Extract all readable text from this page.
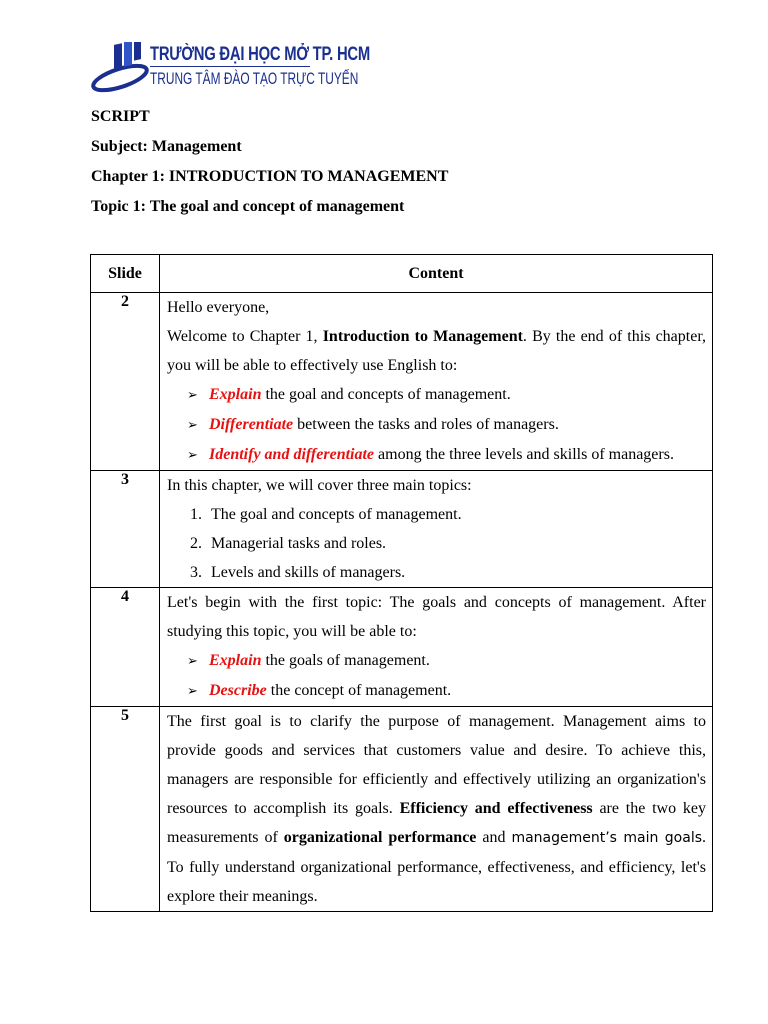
TRƯỜNG ĐẠI HỌC MỞ TP. HCM
TRUNG TÂM ĐÀO TẠO TRỰC TUYẾN
SCRIPT
Subject: Management
Chapter 1: INTRODUCTION TO MANAGEMENT
Topic 1: The goal and concept of management
Slide	Content
2	Hello everyone,

Welcome to Chapter 1, Introduction to Management. By the end of this chapter, you will be able to effectively use English to:

➢ Explain the goal and concepts of management.

➢ Differentiate between the tasks and roles of managers.

➢ Identify and differentiate among the three levels and skills of managers.

3	In this chapter, we will cover three main topics:

1. The goal and concepts of management.

2. Managerial tasks and roles.

3. Levels and skills of managers.

4	Let's begin with the first topic: The goals and concepts of management. After studying this topic, you will be able to:

➢ Explain the goals of management.

➢ Describe the concept of management.

5	The first goal is to clarify the purpose of management. Management aims to provide goods and services that customers value and desire. To achieve this, managers are responsible for efficiently and effectively utilizing an organization's resources to accomplish its goals. Efficiency and effectiveness are the two key measurements of organizational performance and management’s main goals. To fully understand organizational performance, effectiveness, and efficiency, let's explore their meanings.
